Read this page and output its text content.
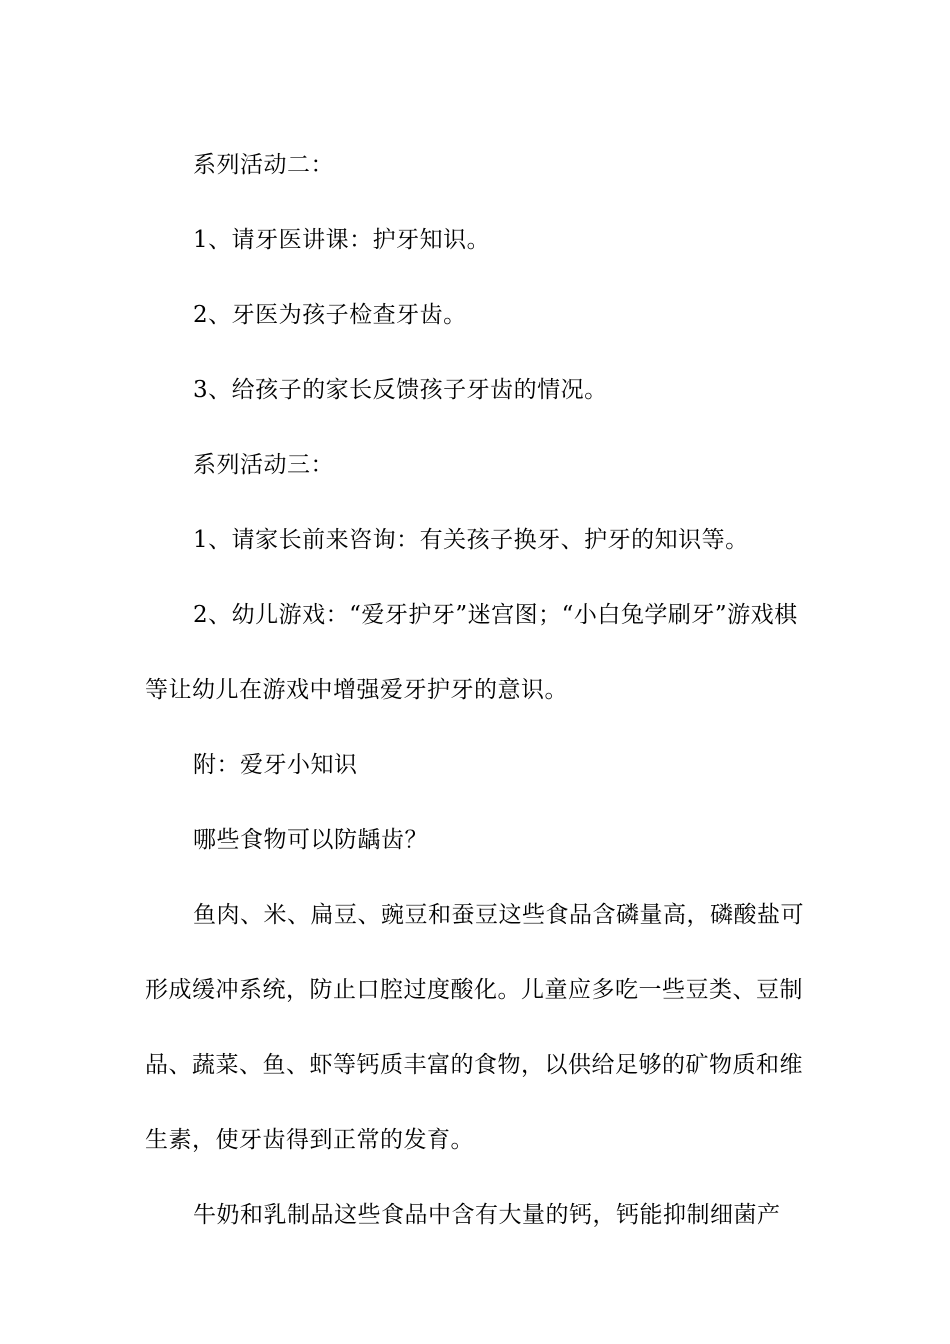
系列活动二：

1、请牙医讲课：护牙知识。

2、牙医为孩子检查牙齿。

3、给孩子的家长反馈孩子牙齿的情况。

系列活动三：

1、请家长前来咨询：有关孩子换牙、护牙的知识等。

2、幼儿游戏：“爱牙护牙”迷宫图；“小白兔学刷牙”游戏棋等让幼儿在游戏中增强爱牙护牙的意识。

附：爱牙小知识

哪些食物可以防龋齿？

鱼肉、米、扁豆、豌豆和蚕豆这些食品含磷量高，磷酸盐可形成缓冲系统，防止口腔过度酸化。儿童应多吃一些豆类、豆制品、蔬菜、鱼、虾等钙质丰富的食物，以供给足够的矿物质和维生素，使牙齿得到正常的发育。

牛奶和乳制品这些食品中含有大量的钙，钙能抑制细菌产
